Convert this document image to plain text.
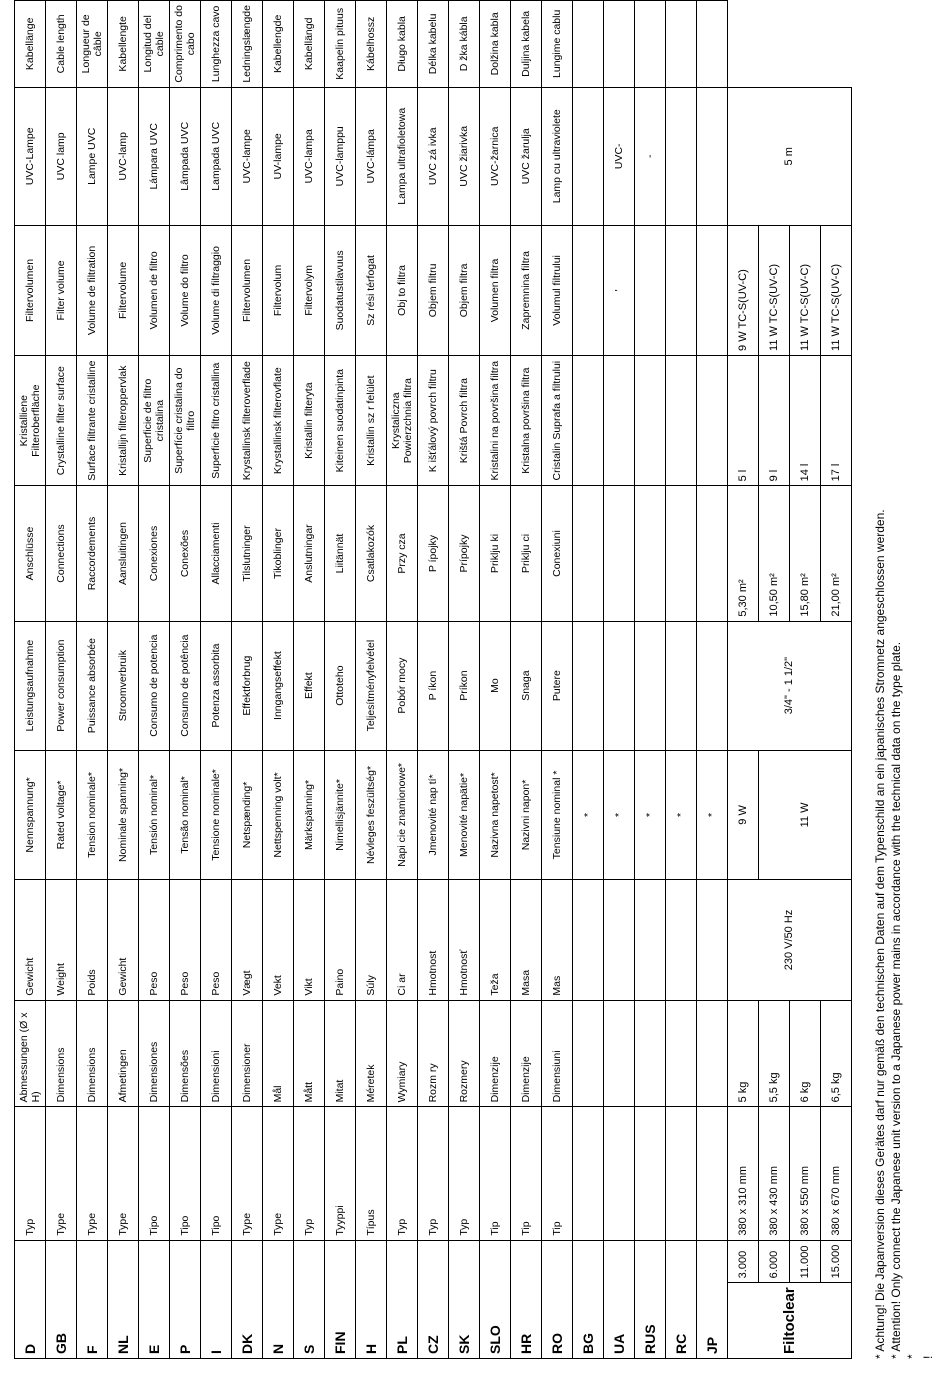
D		Typ	Abmessungen (Ø x H)	Gewicht	Nennspannung*	Leistungsaufnahme	Anschlüsse	Kristalliene Filteroberfläche	Filtervolumen	UVC-Lampe	Kabellänge
GB		Type	Dimensions	Weight	Rated voltage*	Power consumption	Connections	Crystalline filter surface	Filter volume	UVC lamp	Cable length
F		Type	Dimensions	Poids	Tension nominale*	Puissance absorbée	Raccordements	Surface filtrante cristalline	Volume de filtration	Lampe UVC	Longueur de câble
NL		Type	Afmetingen	Gewicht	Nominale spanning*	Stroomverbruik	Aansluitingen	Kristallijn filteroppervlak	Filtervolume	UVC-lamp	Kabellengte
E		Tipo	Dimensiones	Peso	Tensión nominal*	Consumo de potencia	Conexiones	Superficie de filtro cristalina	Volumen de filtro	Lámpara UVC	Longitud del cable
P		Tipo	Dimensões	Peso	Tensão nominal*	Consumo de potência	Conexões	Superfície cristalina do filtro	Volume do filtro	Lâmpada UVC	Comprimento do cabo
I		Tipo	Dimensioni	Peso	Tensione nominale*	Potenza assorbita	Allacciamenti	Superficie filtro cristallina	Volume di filtraggio	Lampada UVC	Lunghezza cavo
DK		Type	Dimensioner	Vægt	Netspænding*	Effektforbrug	Tilslutninger	Krystallinsk filteroverflade	Filtervolumen	UVC-lampe	Ledningslængde
N		Type	Mål	Vekt	Nettspenning volt*	Inngangseffekt	Tikoblinger	Krystallinsk filterovflate	Filtervolum	UV-lampe	Kabellengde
S		Typ	Mått	Vikt	Märkspänning*	Effekt	Anslutningar	Kristallin filteryta	Filtervolym	UVC-lampa	Kabellängd
FIN		Tyyppi	Mitat	Paino	Nimellisjännite*	Ottoteho	Liitännät	Kiteinen suodatinpinta	Suodatustilavuus	UVC-lamppu	Kaapelin pituus
H		Típus	Méretek	Súly	Névleges feszültség*	Teljesítményfelvétel	Csatlakozók	Kristallin sz r felület	Sz rési térfogat	UVC-lámpa	Kábelhossz
PL		Typ	Wymiary	Ci ar	Napi cie znamionowe*	Pobór mocy	Przy cza	Krystaliczna Powierzchnia filtra	Obj to filtra	Lampa ultrafioletowa	Długo kabla
CZ		Typ	Rozm ry	Hmotnost	Jmenovité nap tí*	P íkon	P ípojky	K išťálový povrch filtru	Objem filtru	UVC zá ivka	Délka kabelu
SK		Typ	Rozmery	Hmotnosť	Menovité napätie*	Príkon	Prípojky	Krištá Povrch filtra	Objem filtra	UVC žiarivka	D žka kábla
SLO		Tip	Dimenzije	Teža	Nazivna napetost*	Mo	Priklju ki	Kristalini na površina filtra	Volumen filtra	UVC-žarnica	Dolžina kabla
HR		Tip	Dimenzije	Masa	Nazivni napon*	Snaga	Priklju ci	Kristalna površina filtra	Zapremnina filtra	UVC žarulja	Duljina kabela
RO		Tip	Dimensiuni	Mas	Tensiune nominal *	Putere	Conexiuni	Cristalin Suprafa a filtrului	Volumul filtrului	Lamp cu ultraviolete	Lungime cablu
BG					*						
UA					*				'	UVC-	
RUS					*					-	
RC					*						
JP					*						
Filtoclear	3.000	380 x 310 mm	5 kg	230 V/50 Hz	9 W	3/4" - 1 1/2"	5,30 m²	5 l	9 W TC-S(UV-C)	5 m	
	6.000	380 x 430 mm	5,5 kg		11 W		10,50 m²	9 l	11 W TC-S(UV-C)		
	11.000	380 x 550 mm	6 kg				15,80 m²	14 l	11 W TC-S(UV-C)		
	15.000	380 x 670 mm	6,5 kg				21,00 m²	17 l	11 W TC-S(UV-C)		
* Achtung! Die Japanversion dieses Gerätes darf nur gemäß den technischen Daten auf dem Typenschild an ein japanisches Stromnetz angeschlossen werden. * Attention! Only connect the Japanese unit version to a Japanese power mains in accordance with the technical data on the type plate. * !
